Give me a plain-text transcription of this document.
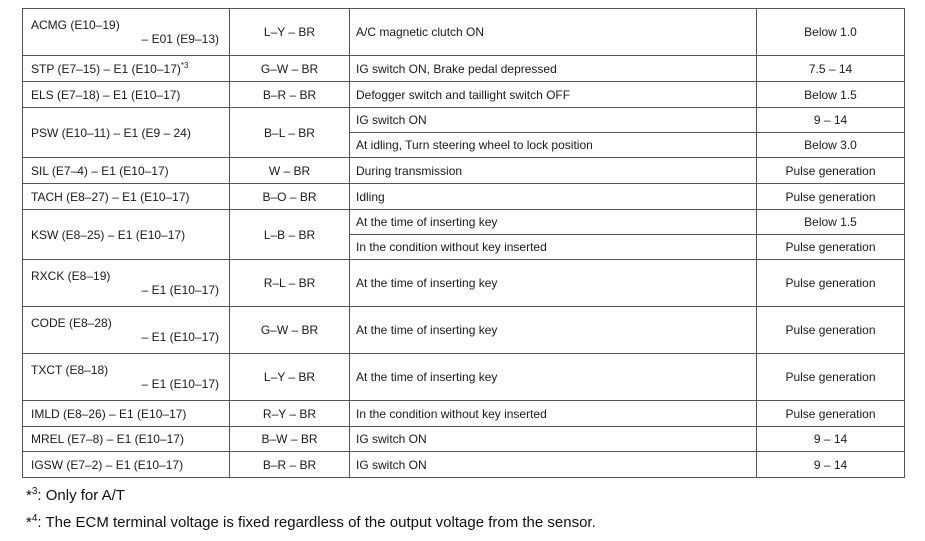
ACMG (E10–19)
– E01 (E9–13)	L–Y – BR	A/C magnetic clutch ON	Below 1.0
STP (E7–15) – E1 $(E10-17)^{*3}$	G–W – BR	IG switch ON, Brake pedal depressed	7.5 – 14
ELS (E7–18) – E1 (E10–17)	B–R – BR	Defogger switch and taillight switch OFF	Below 1.5
PSW (E10–11) – E1 (E9 – 24)	B–L – BR	IG switch ON	9 – 14
		At idling, Turn steering wheel to lock position	Below 3.0
SIL (E7–4) – E1 (E10–17)	W – BR	During transmission	Pulse generation
TACH (E8–27) – E1 (E10–17)	B–O – BR	Idling	Pulse generation
KSW (E8–25) – E1 (E10–17)	L–B – BR	At the time of inserting key	Below 1.5
		In the condition without key inserted	Pulse generation

RXCK (E8–19)
– E1 (E10–17)	R–L – BR	At the time of inserting key	Pulse generation

CODE (E8–28)
– E1 (E10–17)	G–W – BR	At the time of inserting key	Pulse generation

TXCT (E8–18)
– E1 (E10–17)	L–Y – BR	At the time of inserting key	Pulse generation
IMLD (E8–26) – E1 (E10–17)	R–Y – BR	In the condition without key inserted	Pulse generation
MREL (E7–8) – E1 (E10–17)	B–W – BR	IG switch ON	9 – 14
IGSW (E7–2) – E1 (E10–17)	B–R – BR	IG switch ON	9 – 14
*$^3$: Only for A/T
*$^4$: The ECM terminal voltage is fixed regardless of the output voltage from the sensor.
